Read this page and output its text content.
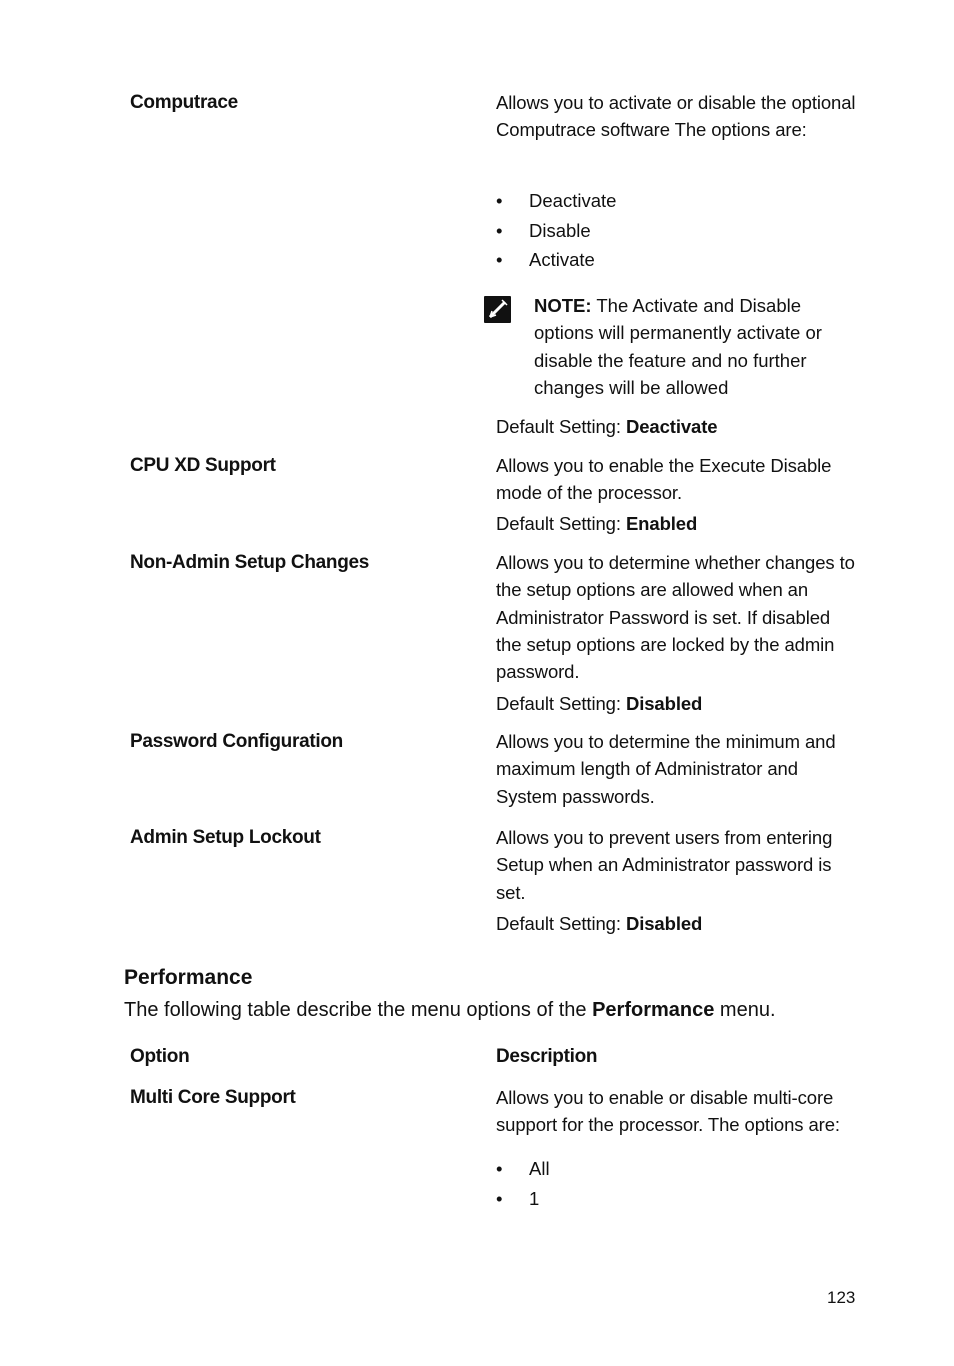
Computrace	Allows you to activate or disable the optional Computrace software The options are:
• Deactivate
• Disable
• Activate
NOTE: The Activate and Disable options will permanently activate or disable the feature and no further changes will be allowed
Default Setting: Deactivate
CPU XD Support	Allows you to enable the Execute Disable mode of the processor.
Default Setting: Enabled
Non-Admin Setup Changes	Allows you to determine whether changes to the setup options are allowed when an Administrator Password is set. If disabled the setup options are locked by the admin password.
Default Setting: Disabled
Password Configuration	Allows you to determine the minimum and maximum length of Administrator and System passwords.
Admin Setup Lockout	Allows you to prevent users from entering Setup when an Administrator password is set.
Default Setting: Disabled
Performance
The following table describe the menu options of the Performance menu.
Option	Description
Multi Core Support	Allows you to enable or disable multi-core support for the processor. The options are:
• All
• 1
123
